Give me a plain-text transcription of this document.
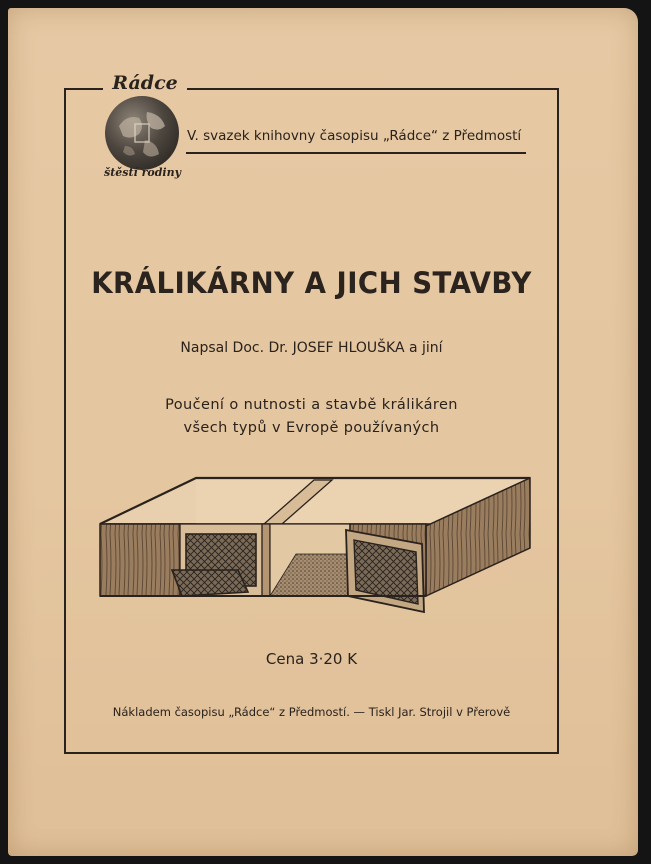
Rádce
štěstí rodiny
V. svazek knihovny časopisu „Rádce“ z Předmostí
KRÁLIKÁRNY A JICH STAVBY
Napsal Doc. Dr. JOSEF HLOUŠKA a jiní
Poučení o nutnosti a stavbě králikáren
všech typů v Evropě používaných
Cena 3·20 K
Nákladem časopisu „Rádce“ z Předmostí. — Tiskl Jar. Strojil v Přerově
